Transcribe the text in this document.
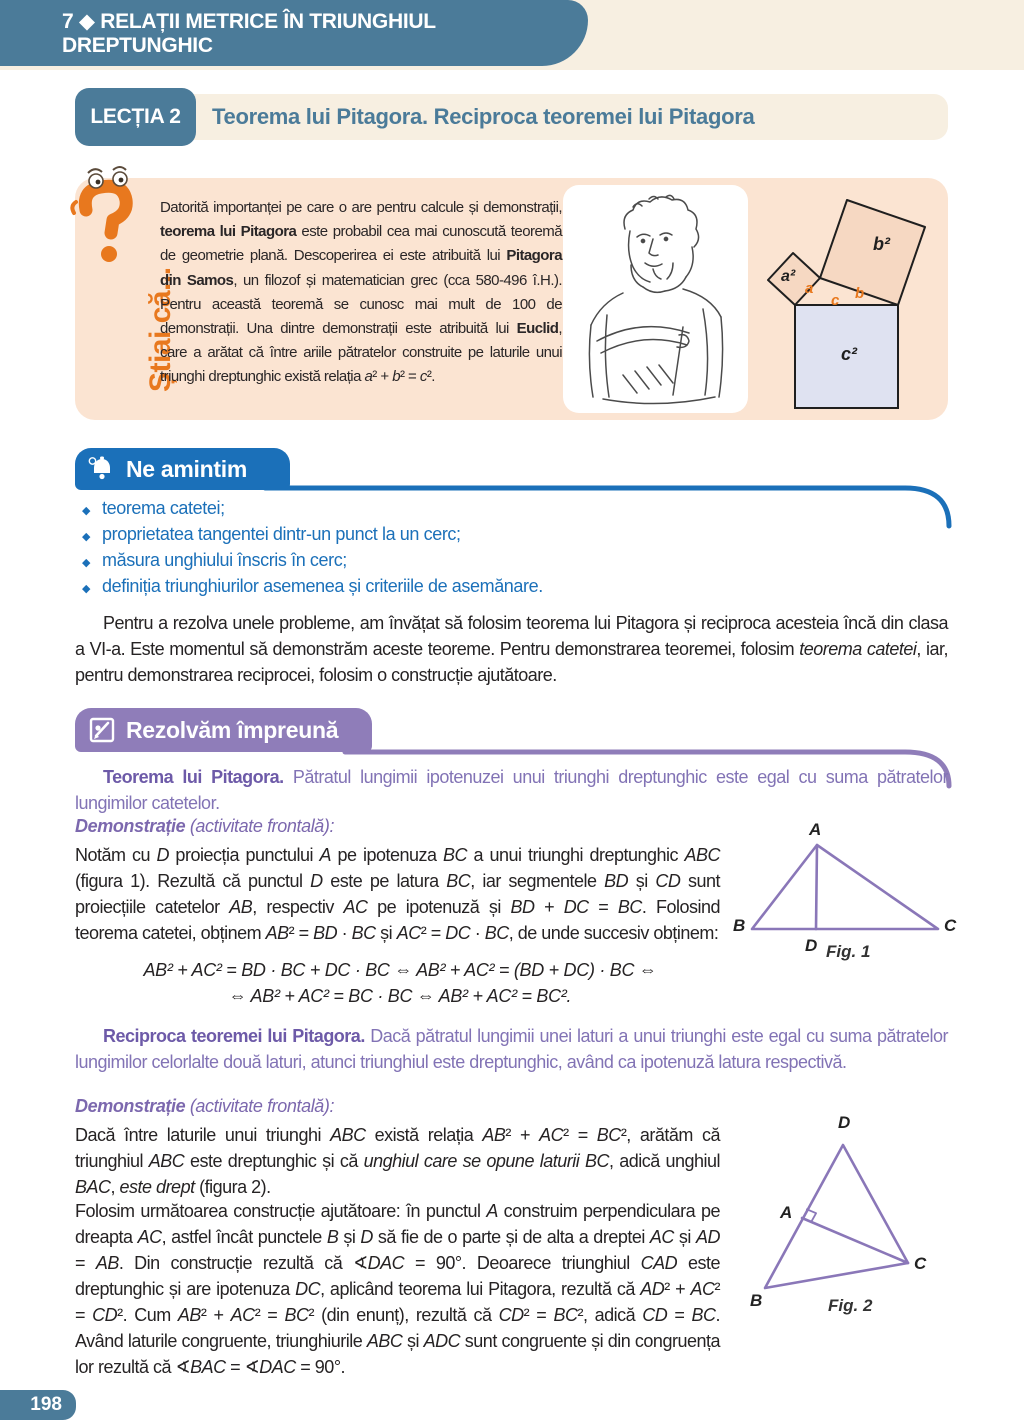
7 ◆ RELAȚII METRICE ÎN TRIUNGHIUL DREPTUNGHIC
LECȚIA 2 Teorema lui Pitagora. Reciproca teoremei lui Pitagora
Știai că...
Datorită importanței pe care o are pentru calcule și demonstrații, teorema lui Pitagora este probabil cea mai cunoscută teoremă de geometrie plană. Descoperirea ei este atribuită lui Pitagora din Samos, un filozof și matematician grec (cca 580-496 î.H.). Pentru această teoremă se cunosc mai mult de 100 de demonstrații. Una dintre demonstrații este atribuită lui Euclid, care a arătat că între ariile pătratelor construite pe laturile unui triunghi dreptunghic există relația a² + b² = c².
a²
b²
c²
a
c b
Ne amintim
◆ teorema catetei;
◆ proprietatea tangentei dintr-un punct la un cerc;
◆ măsura unghiului înscris în cerc;
◆ definiția triunghiurilor asemenea și criteriile de asemănare.
Pentru a rezolva unele probleme, am învățat să folosim teorema lui Pitagora și reciproca acesteia încă din clasa a VI-a. Este momentul să demonstrăm aceste teoreme. Pentru demonstrarea teoremei, folosim teorema catetei, iar, pentru demonstrarea reciprocei, folosim o construcție ajutătoare.
Rezolvăm împreună
Teorema lui Pitagora. Pătratul lungimii ipotenuzei unui triunghi dreptunghic este egal cu suma pătratelor lungimilor catetelor.
Demonstrație (activitate frontală):
Notăm cu D proiecția punctului A pe ipotenuza BC a unui triunghi dreptunghic ABC (figura 1). Rezultă că punctul D este pe latura BC, iar segmentele BD și CD sunt proiecțiile catetelor AB, respectiv AC pe ipotenuză și BD + DC = BC. Folosind teorema catetei, obținem AB² = BD · BC și AC² = DC · BC, de unde succesiv obținem:
AB² + AC² = BD · BC + DC · BC ⇔ AB² + AC² = (BD + DC) · BC ⇔
⇔ AB² + AC² = BC · BC ⇔ AB² + AC² = BC².
A
B	C
D Fig. 1
Reciproca teoremei lui Pitagora. Dacă pătratul lungimii unei laturi a unui triunghi este egal cu suma pătratelor lungimilor celorlalte două laturi, atunci triunghiul este dreptunghic, având ca ipotenuză latura respectivă.
Demonstrație (activitate frontală):
Dacă între laturile unui triunghi ABC există relația AB² + AC² = BC², arătăm că triunghiul ABC este dreptunghic și că unghiul care se opune laturii BC, adică unghiul BAC, este drept (figura 2).
Folosim următoarea construcție ajutătoare: în punctul A construim perpendiculara pe dreapta AC, astfel încât punctele B și D să fie de o parte și de alta a dreptei AC și AD = AB. Din construcție rezultă că ∢DAC = 90°. Deoarece triunghiul CAD este dreptunghic și are ipotenuza DC, aplicând teorema lui Pitagora, rezultă că AD² + AC² = CD². Cum AB² + AC² = BC² (din enunț), rezultă că CD² = BC², adică CD = BC. Având laturile congruente, triunghiurile ABC și ADC sunt congruente și din congruența lor rezultă că ∢BAC = ∢DAC = 90°.
D
A
B
C
Fig. 2
198
